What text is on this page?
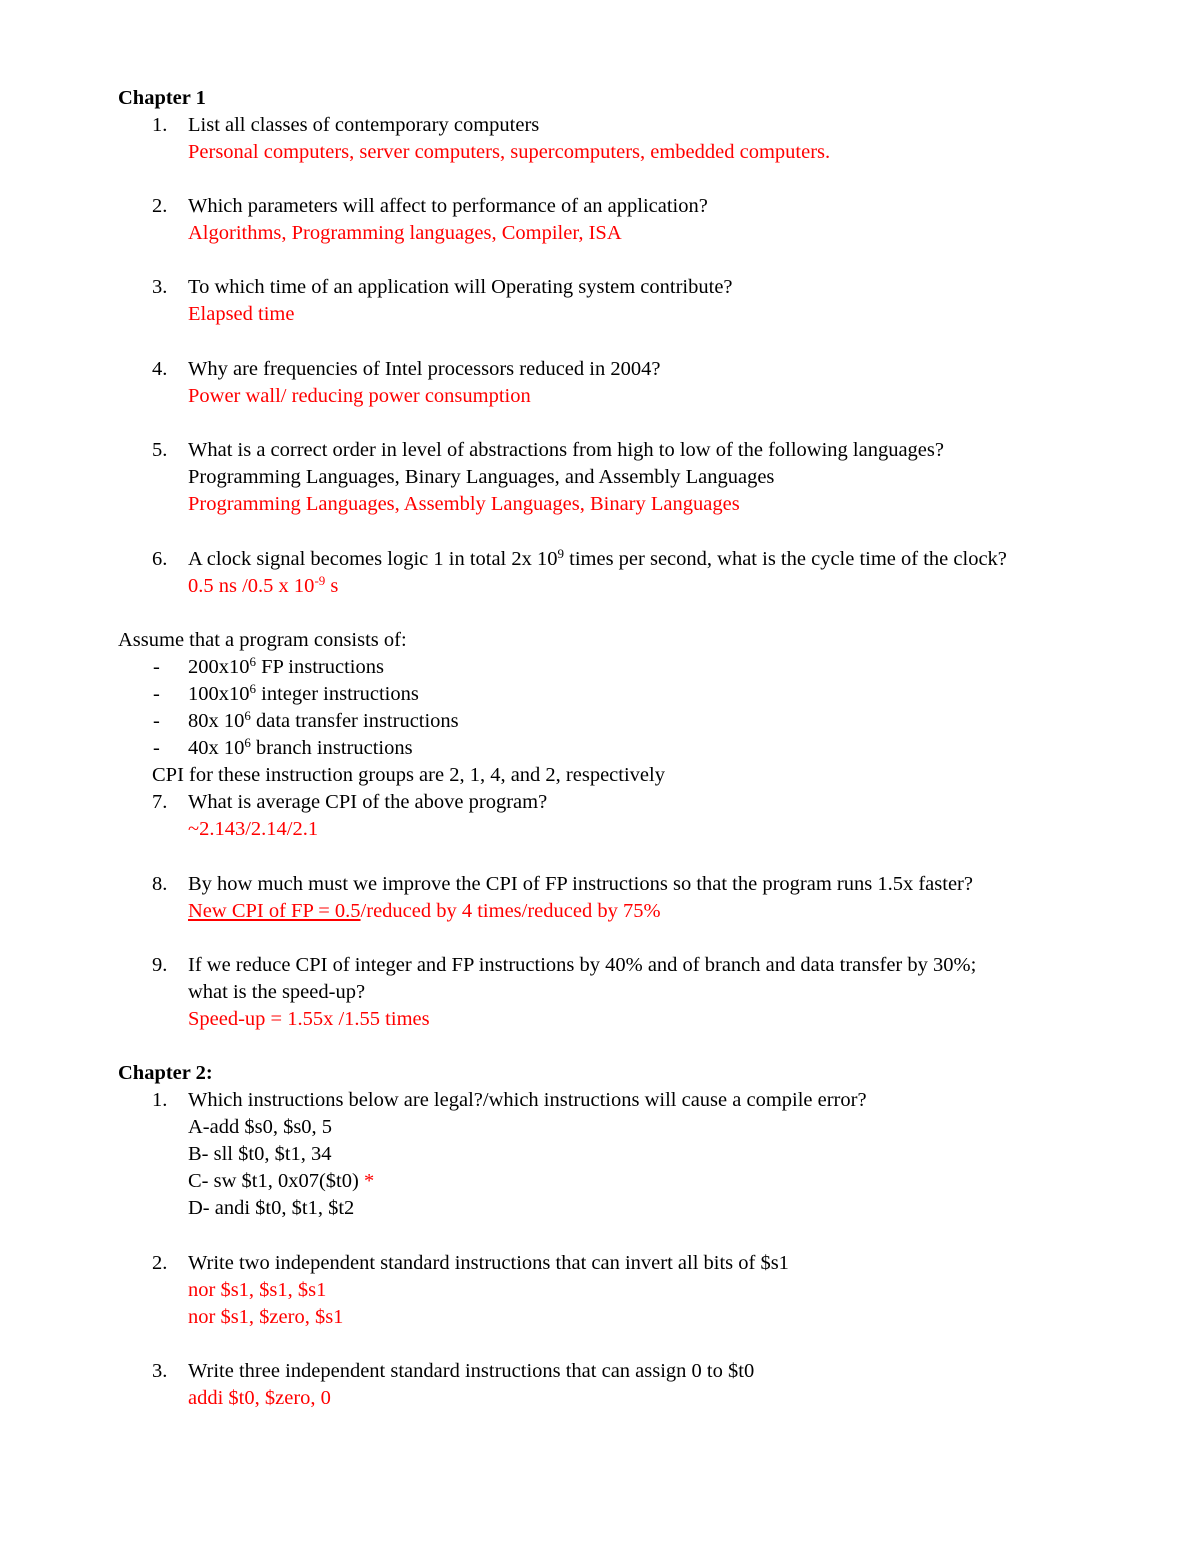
Chapter 1
1. List all classes of contemporary computers
Personal computers, server computers, supercomputers, embedded computers.
2. Which parameters will affect to performance of an application?
Algorithms, Programming languages, Compiler, ISA
3. To which time of an application will Operating system contribute?
Elapsed time
4. Why are frequencies of Intel processors reduced in 2004?
Power wall/ reducing power consumption
5. What is a correct order in level of abstractions from high to low of the following languages?
Programming Languages, Binary Languages, and Assembly Languages
Programming Languages, Assembly Languages, Binary Languages
6. A clock signal becomes logic 1 in total 2x $10^9$ times per second, what is the cycle time of the clock?
0.5 ns /0.5 x $10^{-9}$ s
Assume that a program consists of:
- $200x10^6$ FP instructions
- $100x10^6$ integer instructions
- 80x $10^6$ data transfer instructions
- 40x $10^6$ branch instructions
CPI for these instruction groups are 2, 1, 4, and 2, respectively
7. What is average CPI of the above program?
~2.143/2.14/2.1
8. By how much must we improve the CPI of FP instructions so that the program runs 1.5x faster?
New CPI of FP = 0.5/reduced by 4 times/reduced by 75%
9. If we reduce CPI of integer and FP instructions by 40% and of branch and data transfer by 30%;
what is the speed-up?
Speed-up = 1.55x /1.55 times
Chapter 2:
1. Which instructions below are legal?/which instructions will cause a compile error?
A-add $s0, $s0, 5
B- sll $t0, $t1, 34
C- sw $t1, 0x07($t0) *
D- andi $t0, $t1, $t2
2. Write two independent standard instructions that can invert all bits of $s1
nor $s1, $s1, $s1
nor $s1, $zero, $s1
3. Write three independent standard instructions that can assign 0 to $t0
addi $t0, $zero, 0
